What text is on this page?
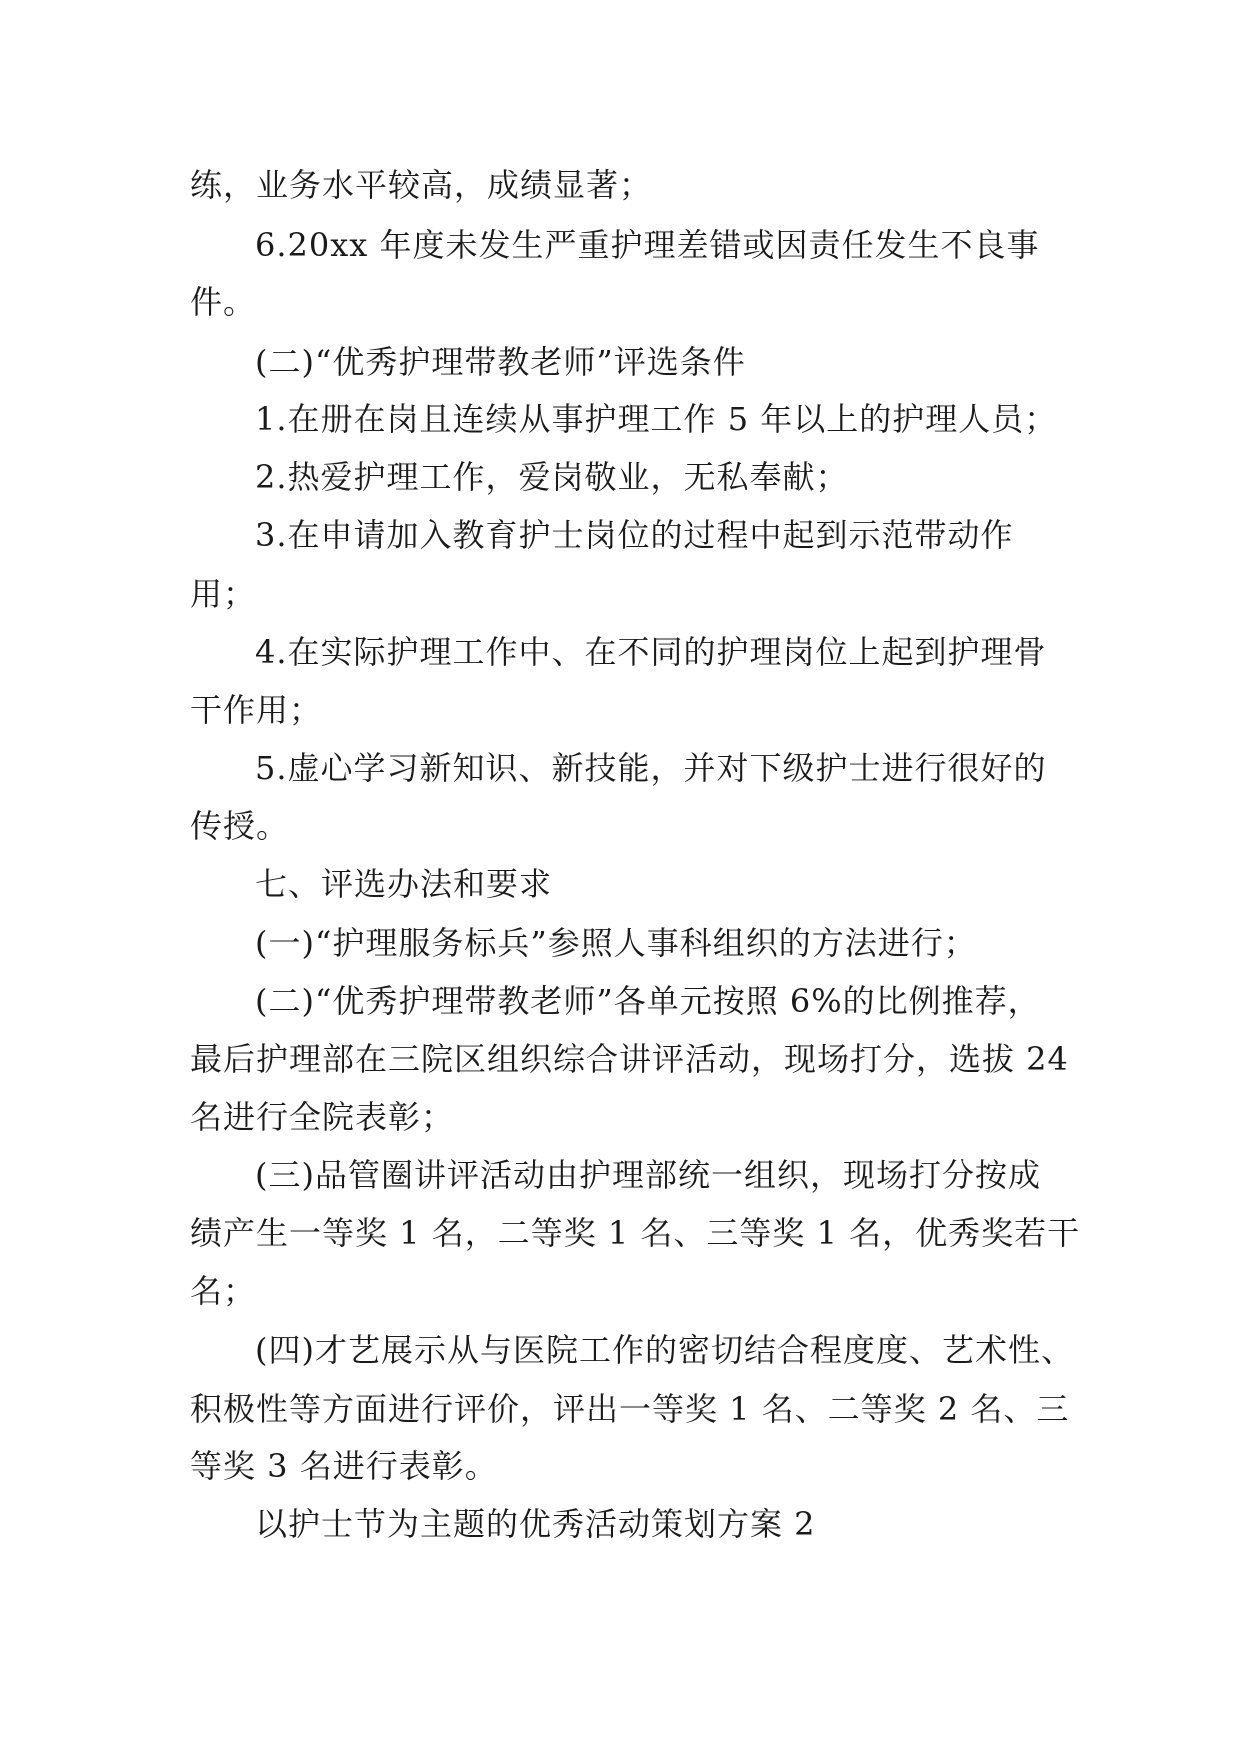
练，业务水平较高，成绩显著；
6.20xx 年度未发生严重护理差错或因责任发生不良事
件。
(二)“优秀护理带教老师”评选条件
1.在册在岗且连续从事护理工作 5 年以上的护理人员；
2.热爱护理工作，爱岗敬业，无私奉献；
3.在申请加入教育护士岗位的过程中起到示范带动作
用；
4.在实际护理工作中、在不同的护理岗位上起到护理骨
干作用；
5.虚心学习新知识、新技能，并对下级护士进行很好的
传授。
七、评选办法和要求
(一)“护理服务标兵”参照人事科组织的方法进行；
(二)“优秀护理带教老师”各单元按照 6%的比例推荐，
最后护理部在三院区组织综合讲评活动，现场打分，选拔 24
名进行全院表彰；
(三)品管圈讲评活动由护理部统一组织，现场打分按成
绩产生一等奖 1 名，二等奖 1 名、三等奖 1 名，优秀奖若干
名；
(四)才艺展示从与医院工作的密切结合程度度、艺术性、
积极性等方面进行评价，评出一等奖 1 名、二等奖 2 名、三
等奖 3 名进行表彰。
以护士节为主题的优秀活动策划方案 2
